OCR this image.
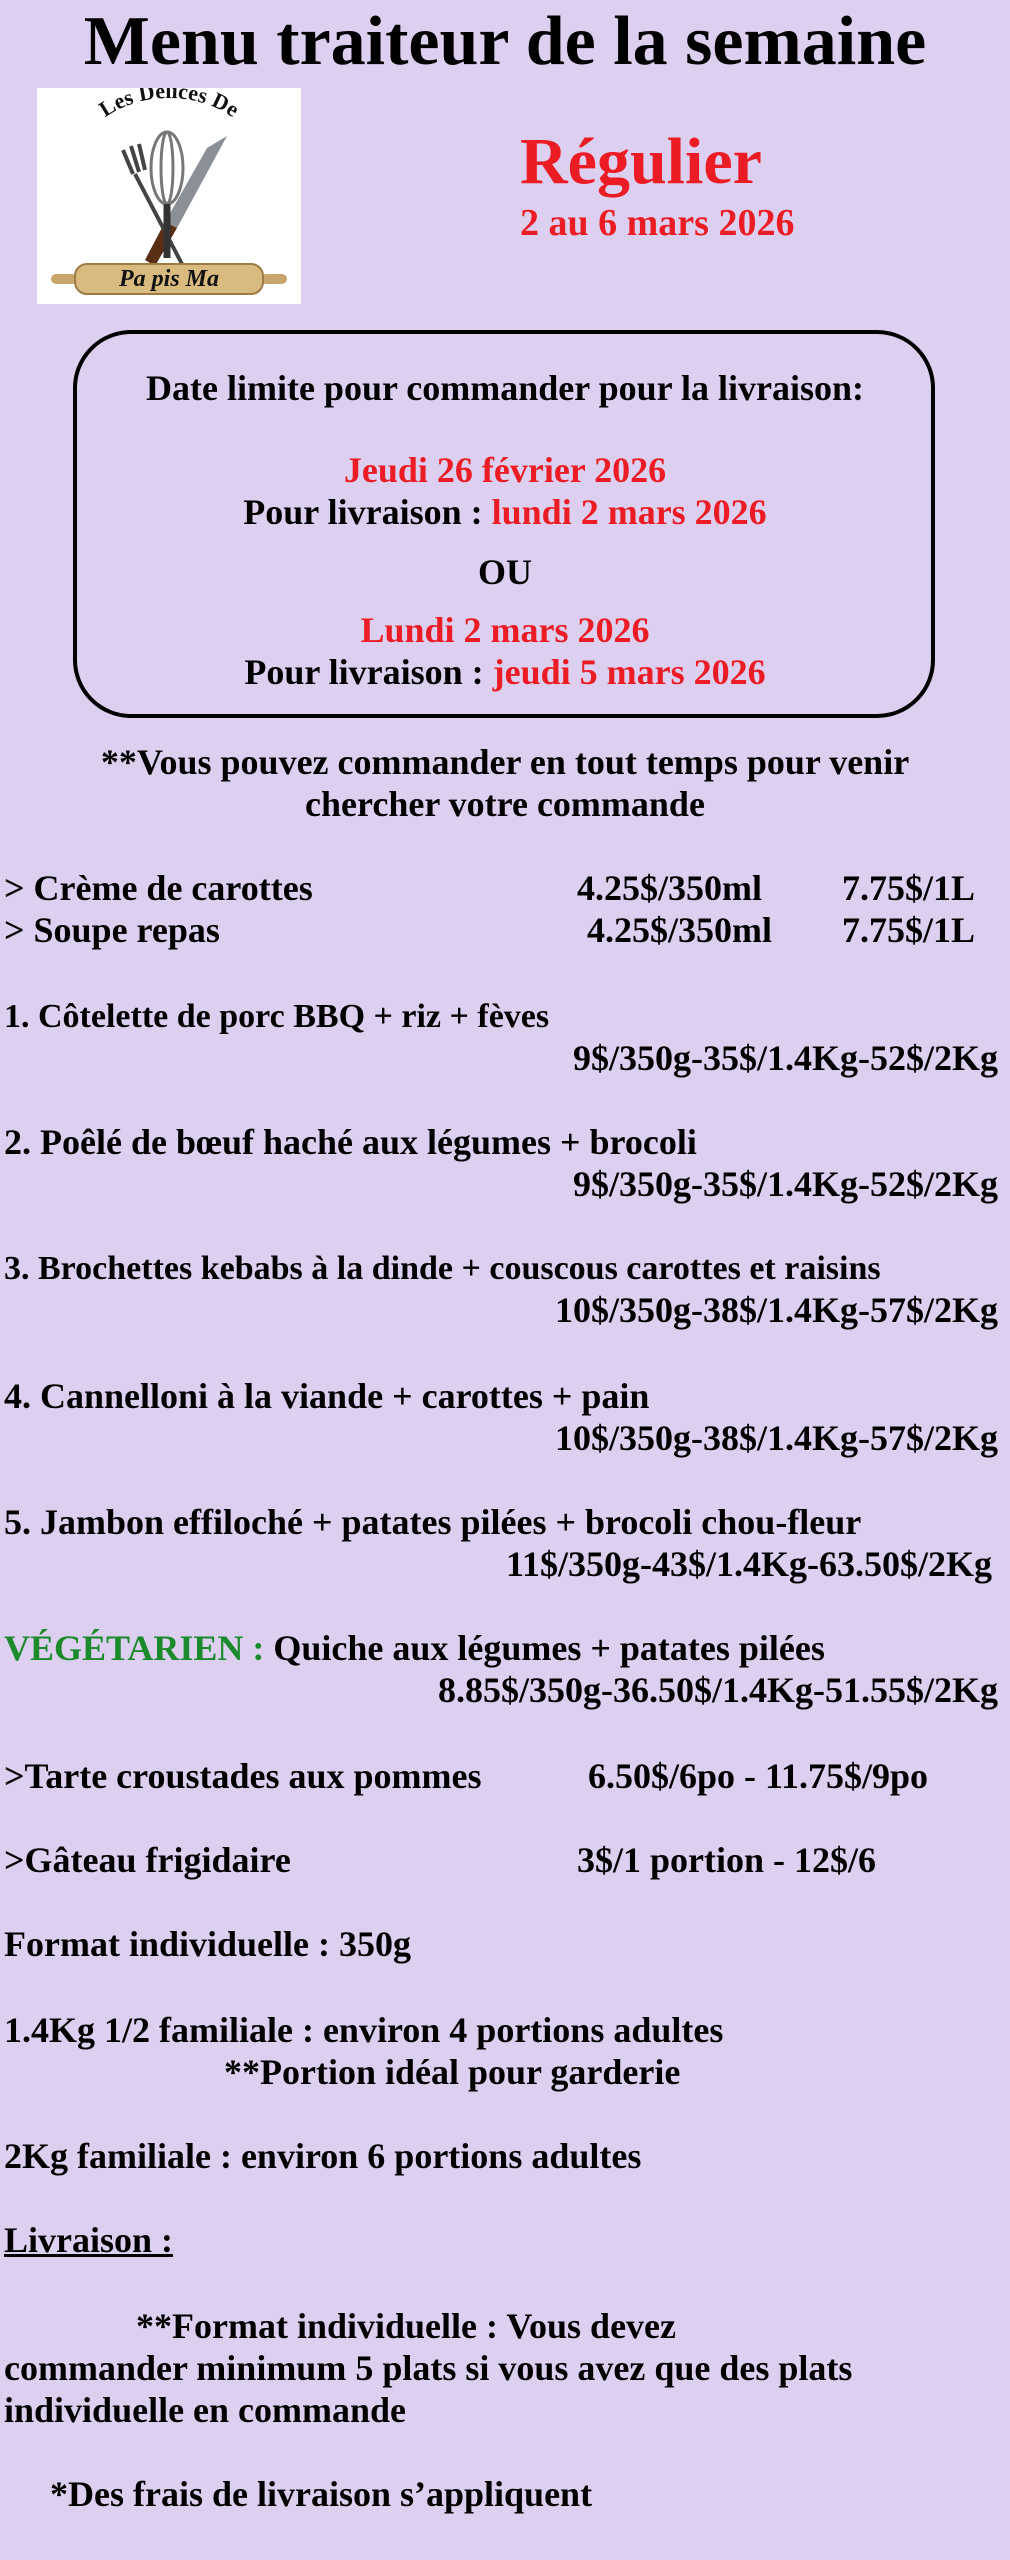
Menu traiteur de la semaine
Les Délices De
Pa pis Ma
Régulier
2 au 6 mars 2026
Date limite pour commander pour la livraison:
Jeudi 26 février 2026
Pour livraison : lundi 2 mars 2026
OU
Lundi 2 mars 2026
Pour livraison : jeudi 5 mars 2026
**Vous pouvez commander en tout temps pour venir
chercher votre commande
> Crème de carottes	4.25$/350ml 7.75$/1L
> Soupe repas	4.25$/350ml 7.75$/1L
1. Côtelette de porc BBQ + riz + fèves
9$/350g-35$/1.4Kg-52$/2Kg
2. Poêlé de bœuf haché aux légumes + brocoli
9$/350g-35$/1.4Kg-52$/2Kg
3. Brochettes kebabs à la dinde + couscous carottes et raisins
10$/350g-38$/1.4Kg-57$/2Kg
4. Cannelloni à la viande + carottes + pain
10$/350g-38$/1.4Kg-57$/2Kg
5. Jambon effiloché + patates pilées + brocoli chou-fleur
11$/350g-43$/1.4Kg-63.50$/2Kg
VÉGÉTARIEN : Quiche aux légumes + patates pilées
8.85$/350g-36.50$/1.4Kg-51.55$/2Kg
>Tarte croustades aux pommes	6.50$/6po - 11.75$/9po
>Gâteau frigidaire	3$/1 portion - 12$/6
Format individuelle : 350g
1.4Kg 1/2 familiale : environ 4 portions adultes
**Portion idéal pour garderie
2Kg familiale : environ 6 portions adultes
Livraison :
**Format individuelle : Vous devez
commander minimum 5 plats si vous avez que des plats
individuelle en commande
*Des frais de livraison s’appliquent
